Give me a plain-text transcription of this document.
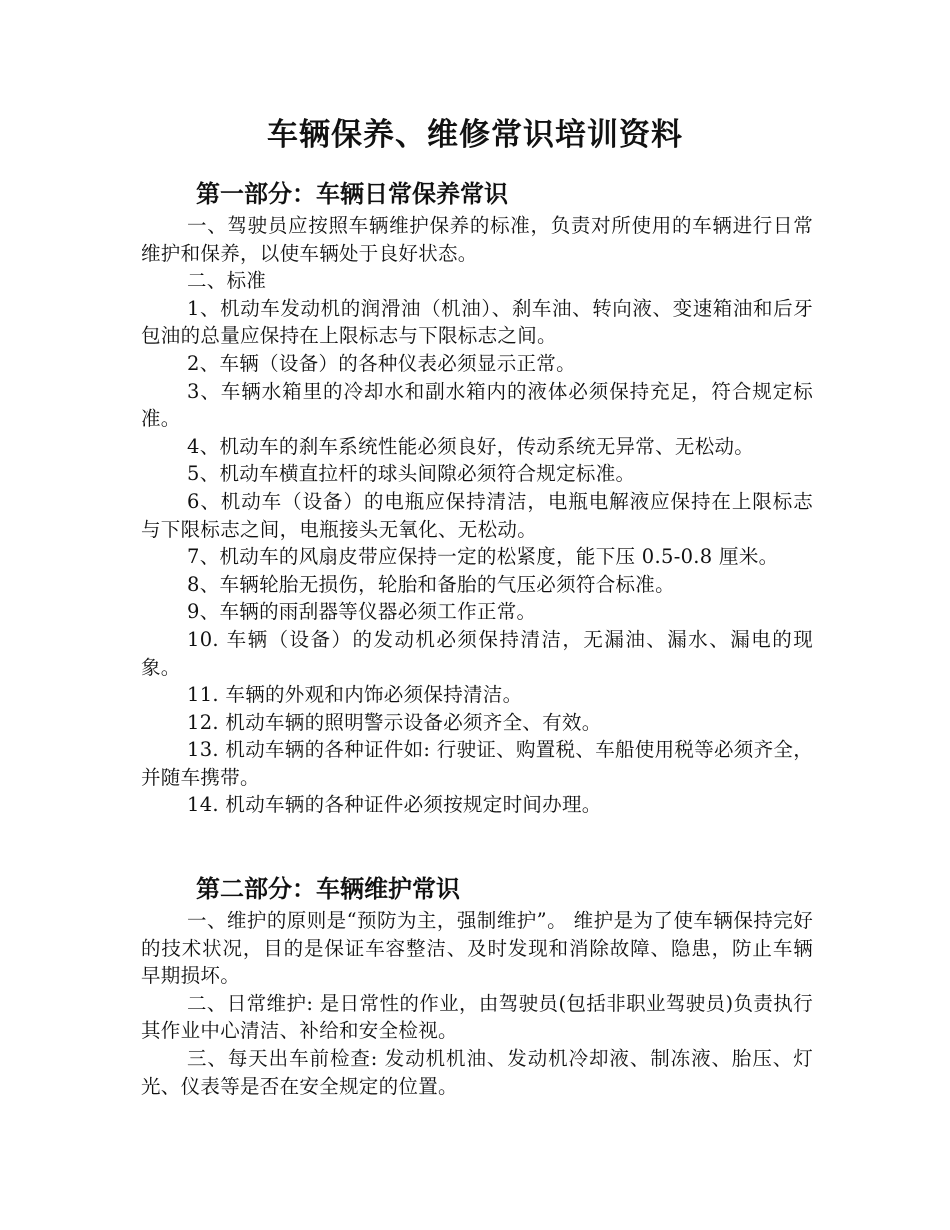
车辆保养、维修常识培训资料
第一部分：车辆日常保养常识

一、驾驶员应按照车辆维护保养的标准，负责对所使用的车辆进行日常维护和保养，以使车辆处于良好状态。

二、标准

1、机动车发动机的润滑油（机油）、刹车油、转向液、变速箱油和后牙包油的总量应保持在上限标志与下限标志之间。

2、车辆（设备）的各种仪表必须显示正常。

3、车辆水箱里的冷却水和副水箱内的液体必须保持充足，符合规定标准。

4、机动车的刹车系统性能必须良好，传动系统无异常、无松动。

5、机动车横直拉杆的球头间隙必须符合规定标准。

6、机动车（设备）的电瓶应保持清洁，电瓶电解液应保持在上限标志与下限标志之间，电瓶接头无氧化、无松动。

7、机动车的风扇皮带应保持一定的松紧度，能下压 0.5-0.8 厘米。

8、车辆轮胎无损伤，轮胎和备胎的气压必须符合标准。

9、车辆的雨刮器等仪器必须工作正常。

10. 车辆（设备）的发动机必须保持清洁，无漏油、漏水、漏电的现象。

11. 车辆的外观和内饰必须保持清洁。

12. 机动车辆的照明警示设备必须齐全、有效。

13. 机动车辆的各种证件如: 行驶证、购置税、车船使用税等必须齐全，并随车携带。

14. 机动车辆的各种证件必须按规定时间办理。

第二部分：车辆维护常识

一、维护的原则是“预防为主，强制维护”。 维护是为了使车辆保持完好的技术状况，目的是保证车容整洁、及时发现和消除故障、隐患，防止车辆早期损坏。

二、日常维护: 是日常性的作业，由驾驶员(包括非职业驾驶员)负责执行其作业中心清洁、补给和安全检视。

三、每天出车前检查: 发动机机油、发动机冷却液、制冻液、胎压、灯光、仪表等是否在安全规定的位置。
